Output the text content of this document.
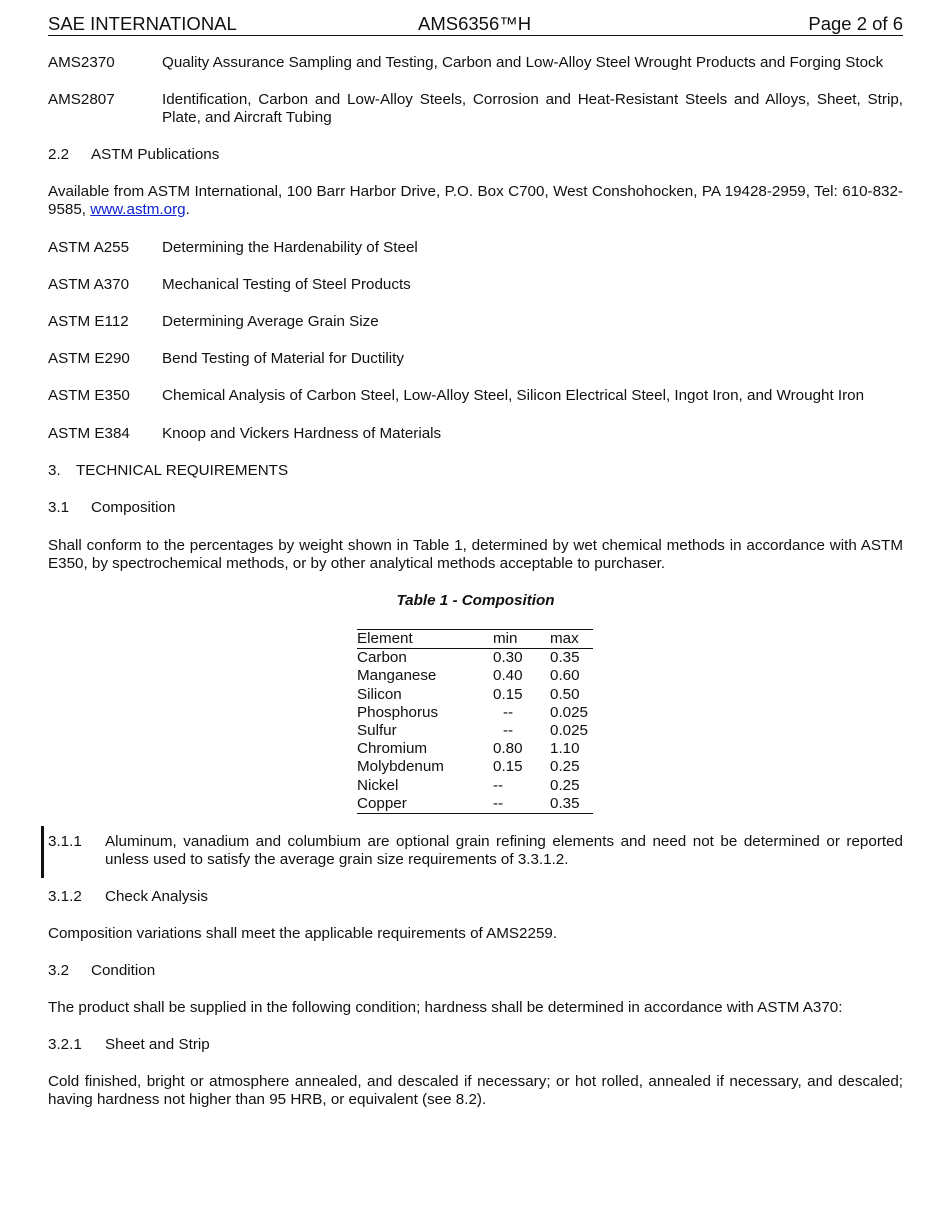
SAE INTERNATIONAL	AMS6356™H	Page 2 of 6
AMS2370	Quality Assurance Sampling and Testing, Carbon and Low-Alloy Steel Wrought Products and Forging Stock
AMS2807	Identification, Carbon and Low-Alloy Steels, Corrosion and Heat-Resistant Steels and Alloys, Sheet, Strip, Plate, and Aircraft Tubing
2.2 ASTM Publications
Available from ASTM International, 100 Barr Harbor Drive, P.O. Box C700, West Conshohocken, PA 19428-2959, Tel: 610-832-9585, www.astm.org.
ASTM A255 Determining the Hardenability of Steel
ASTM A370 Mechanical Testing of Steel Products
ASTM E112 Determining Average Grain Size
ASTM E290 Bend Testing of Material for Ductility
ASTM E350 Chemical Analysis of Carbon Steel, Low-Alloy Steel, Silicon Electrical Steel, Ingot Iron, and Wrought Iron
ASTM E384 Knoop and Vickers Hardness of Materials
3. TECHNICAL REQUIREMENTS
3.1 Composition
Shall conform to the percentages by weight shown in Table 1, determined by wet chemical methods in accordance with ASTM E350, by spectrochemical methods, or by other analytical methods acceptable to purchaser.
Table 1 - Composition
Element	min	max
Carbon	0.30	0.35
Manganese	0.40	0.60
Silicon	0.15	0.50
Phosphorus	--	0.025
Sulfur	--	0.025
Chromium	0.80	1.10
Molybdenum	0.15	0.25
Nickel	--	0.25
Copper	--	0.35
3.1.1 Aluminum, vanadium and columbium are optional grain refining elements and need not be determined or reported unless used to satisfy the average grain size requirements of 3.3.1.2.
3.1.2 Check Analysis
Composition variations shall meet the applicable requirements of AMS2259.
3.2 Condition
The product shall be supplied in the following condition; hardness shall be determined in accordance with ASTM A370:
3.2.1 Sheet and Strip
Cold finished, bright or atmosphere annealed, and descaled if necessary; or hot rolled, annealed if necessary, and descaled; having hardness not higher than 95 HRB, or equivalent (see 8.2).
